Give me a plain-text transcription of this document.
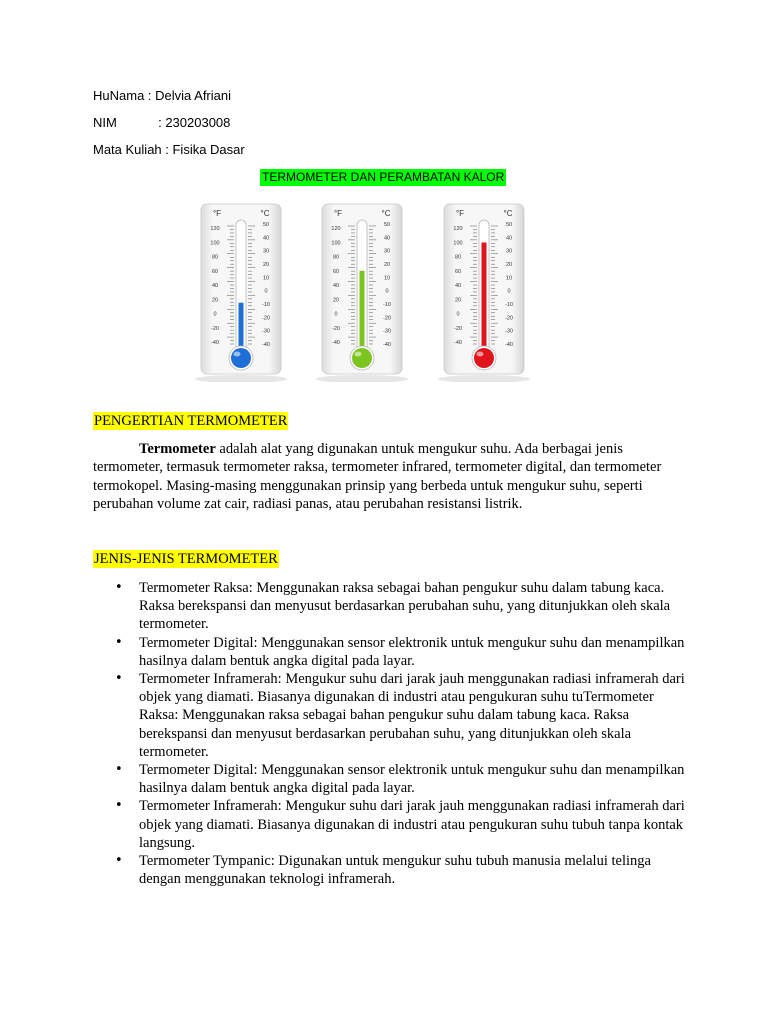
HuNama : Delvia Afriani
NIM	: 230203008
Mata Kuliah : Fisika Dasar
TERMOMETER DAN PERAMBATAN KALOR
°F	°C
120
100
80
60
40
20
0
-20
-40
50
40
30
20
10
0
-10
-20
-30
-40
°F	°C
120
100
80
60
40
20
0
-20
-40
50
40
30
20
10
0
-10
-20
-30
-40
°F	°C
120
100
80
60
40
20
0
-20
-40
50
40
30
20
10
0
-10
-20
-30
-40
PENGERTIAN TERMOMETER
Termometer adalah alat yang digunakan untuk mengukur suhu. Ada berbagai jenis termometer, termasuk termometer raksa, termometer infrared, termometer digital, dan termometer termokopel. Masing-masing menggunakan prinsip yang berbeda untuk mengukur suhu, seperti perubahan volume zat cair, radiasi panas, atau perubahan resistansi listrik.
JENIS-JENIS TERMOMETER
• Termometer Raksa: Menggunakan raksa sebagai bahan pengukur suhu dalam tabung kaca. Raksa berekspansi dan menyusut berdasarkan perubahan suhu, yang ditunjukkan oleh skala termometer.
• Termometer Digital: Menggunakan sensor elektronik untuk mengukur suhu dan menampilkan hasilnya dalam bentuk angka digital pada layar.
• Termometer Inframerah: Mengukur suhu dari jarak jauh menggunakan radiasi inframerah dari objek yang diamati. Biasanya digunakan di industri atau pengukuran suhu tuTermometer Raksa: Menggunakan raksa sebagai bahan pengukur suhu dalam tabung kaca. Raksa berekspansi dan menyusut berdasarkan perubahan suhu, yang ditunjukkan oleh skala termometer.
• Termometer Digital: Menggunakan sensor elektronik untuk mengukur suhu dan menampilkan hasilnya dalam bentuk angka digital pada layar.
• Termometer Inframerah: Mengukur suhu dari jarak jauh menggunakan radiasi inframerah dari objek yang diamati. Biasanya digunakan di industri atau pengukuran suhu tubuh tanpa kontak langsung.
• Termometer Tympanic: Digunakan untuk mengukur suhu tubuh manusia melalui telinga dengan menggunakan teknologi inframerah.
